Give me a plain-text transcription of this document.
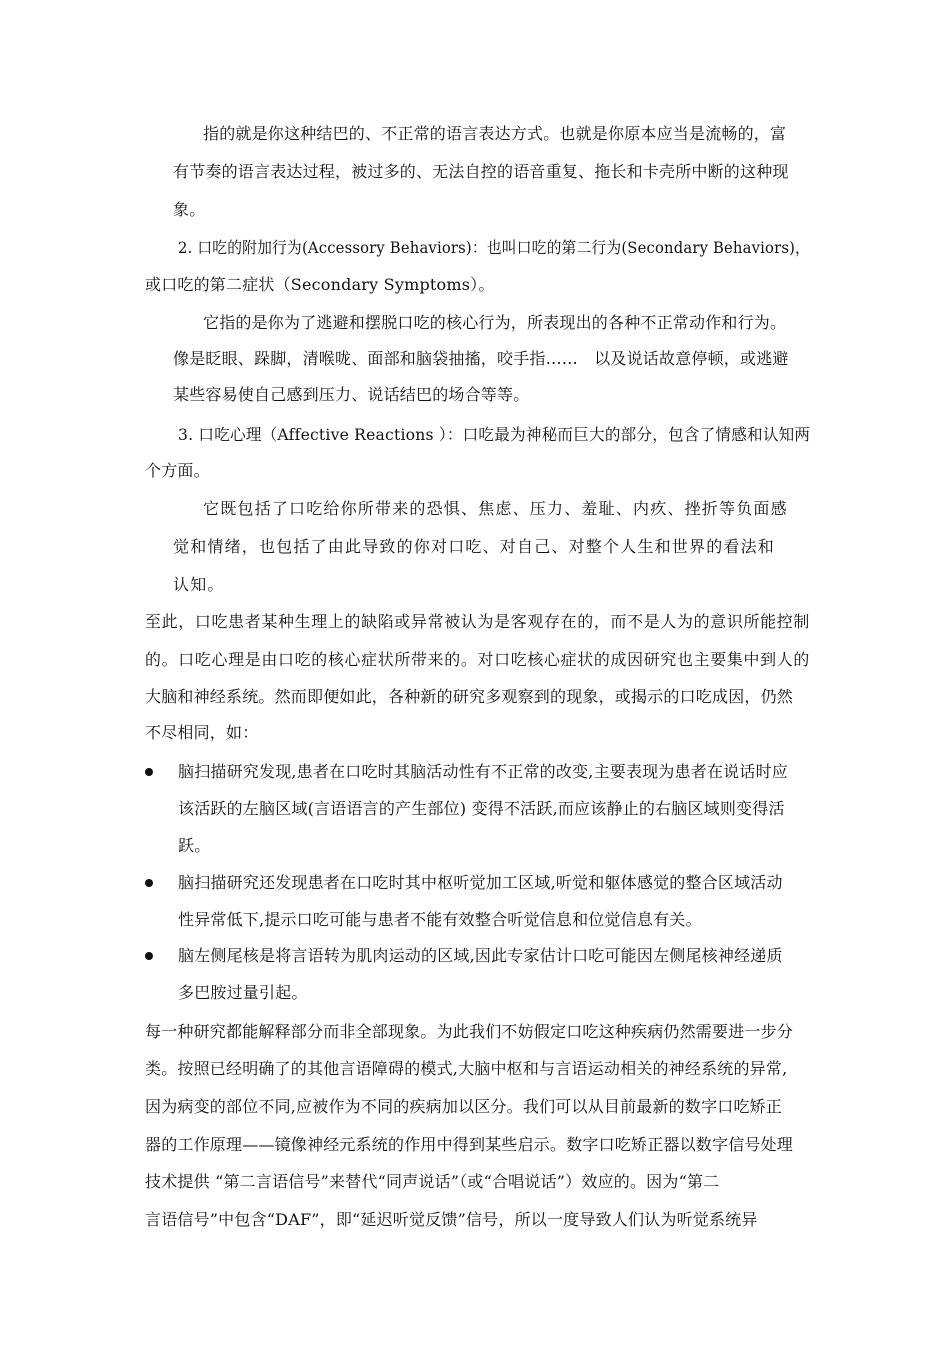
指的就是你这种结巴的、不正常的语言表达方式。也就是你原本应当是流畅的，富
有节奏的语言表达过程，被过多的、无法自控的语音重复、拖长和卡壳所中断的这种现
象。
2. 口吃的附加行为(Accessory Behaviors)：也叫口吃的第二行为(Secondary Behaviors)，
或口吃的第二症状（Secondary Symptoms）。
它指的是你为了逃避和摆脱口吃的核心行为，所表现出的各种不正常动作和行为。
像是眨眼、跺脚，清喉咙、面部和脑袋抽搐，咬手指……　以及说话故意停顿，或逃避
某些容易使自己感到压力、说话结巴的场合等等。
3. 口吃心理（Affective Reactions ）：口吃最为神秘而巨大的部分，包含了情感和认知两
个方面。
它既包括了口吃给你所带来的恐惧、焦虑、压力、羞耻、内疚、挫折等负面感
觉和情绪，也包括了由此导致的你对口吃、对自己、对整个人生和世界的看法和
认知。
至此，口吃患者某种生理上的缺陷或异常被认为是客观存在的，而不是人为的意识所能控制
的。口吃心理是由口吃的核心症状所带来的。对口吃核心症状的成因研究也主要集中到人的
大脑和神经系统。然而即便如此，各种新的研究多观察到的现象，或揭示的口吃成因，仍然
不尽相同，如：
脑扫描研究发现,患者在口吃时其脑活动性有不正常的改变,主要表现为患者在说话时应
该活跃的左脑区域(言语语言的产生部位) 变得不活跃,而应该静止的右脑区域则变得活
跃。
脑扫描研究还发现患者在口吃时其中枢听觉加工区域,听觉和躯体感觉的整合区域活动
性异常低下,提示口吃可能与患者不能有效整合听觉信息和位觉信息有关。
脑左侧尾核是将言语转为肌肉运动的区域,因此专家估计口吃可能因左侧尾核神经递质
多巴胺过量引起。
每一种研究都能解释部分而非全部现象。为此我们不妨假定口吃这种疾病仍然需要进一步分
类。按照已经明确了的其他言语障碍的模式,大脑中枢和与言语运动相关的神经系统的异常,
因为病变的部位不同,应被作为不同的疾病加以区分。我们可以从目前最新的数字口吃矫正
器的工作原理——镜像神经元系统的作用中得到某些启示。数字口吃矫正器以数字信号处理
技术提供 “第二言语信号”来替代“同声说话”（或“合唱说话”）效应的。因为“第二
言语信号”中包含“DAF”，即“延迟听觉反馈”信号，所以一度导致人们认为听觉系统异
